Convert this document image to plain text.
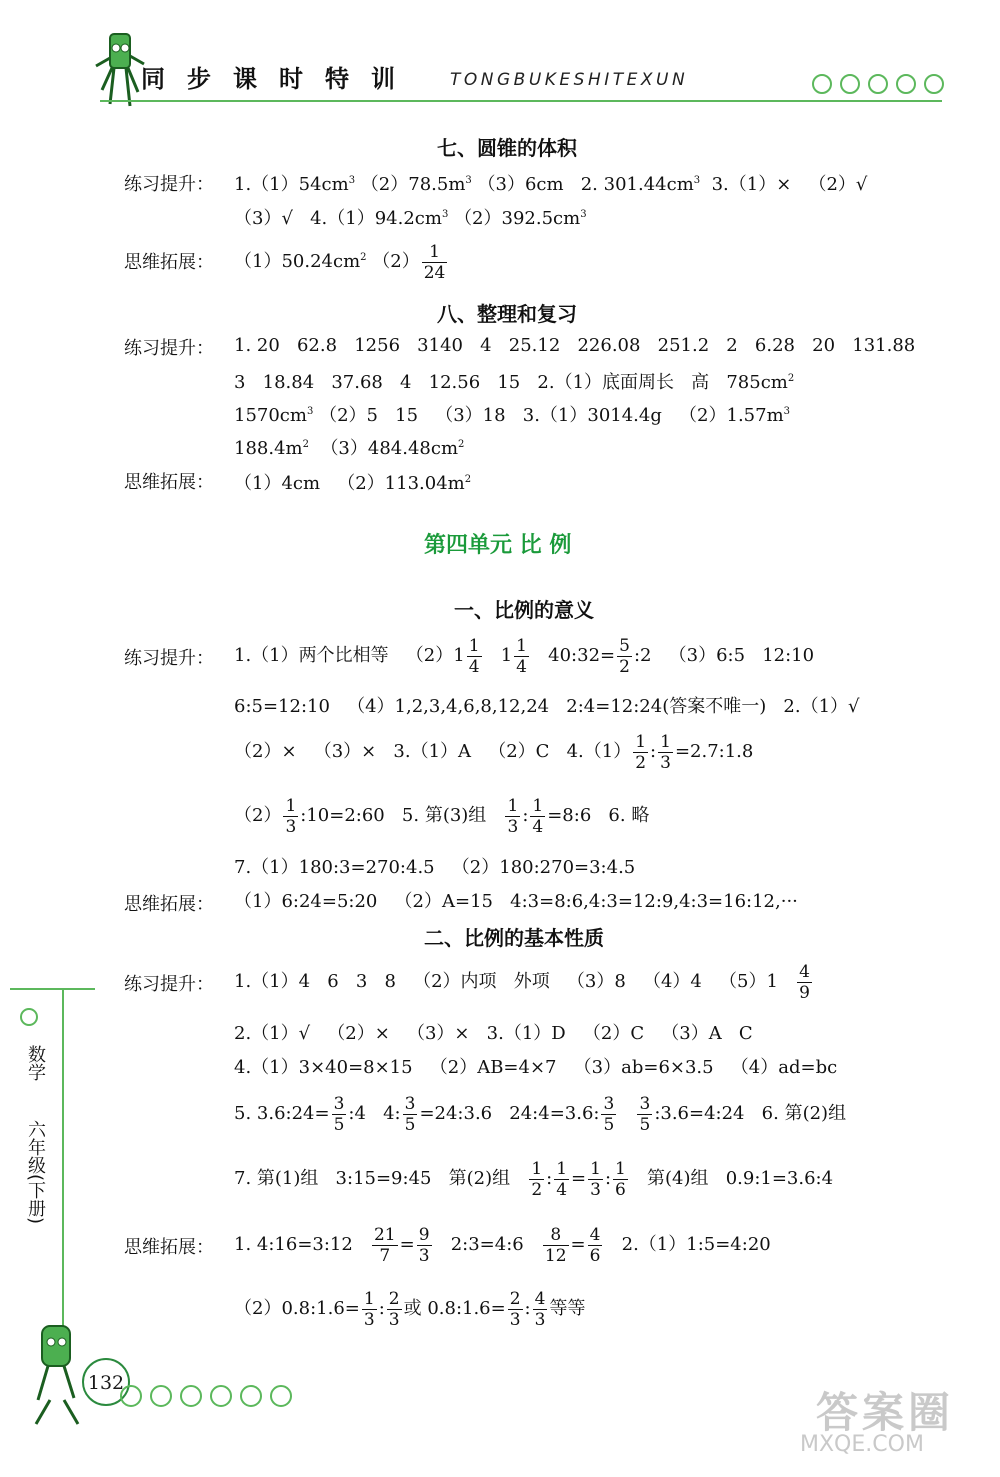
同 步 课 时 特 训	TONGBUKESHITEXUN
七、圆锥的体积
练习提升： $1.(1)54cm^3$ $(2)78.5m^3$ （3）6cm   2. $301.44cm^3$ 3.（1）×   （2）√
（3）√   $4.(1)94.2cm^3$ $(2)392.5cm^3$
思维拓展： $(1)50.24cm^2$ $(2) \frac{1}{24}$
八、整理和复习
练习提升： 1. 20   62.8   1256   3140   4   25.12   226.08   251.2   2   6.28   20   131.88
3   18.84   37.68   4   12.56   15   2.（1）底面周长   高   $785cm^2$
$1570cm^3$ （2）5   15   （3）18   3.（1）3014.4g   $(2)1.57m^3$
$188.4m^2$ $(3)484.48cm^2$
思维拓展： （1）4cm   $(2)113.04m^2$
第四单元 比 例
一、比例的意义
练习提升： 1.（1）两个比相等   $(2)1 \frac{1}{4} 1 \frac{1}{4}$ 40:32= $\frac{5}{2}$ :2   （3）6:5   12:10
6:5=12:10   （4）1,2,3,4,6,8,12,24   2:4=12:24(答案不唯一)   2.（1）√
（2）×   （3）×   3.（1）A   （2）C   $4.(1) \frac{1}{2}$ : $\frac{1}{3}$ =2.7:1.8
$(2) \frac{1}{3}$ :10=2:60   5. 第(3)组 $\frac{1}{3}$ : $\frac{1}{4}$ =8:6   6. 略
7.（1）180:3=270:4.5   （2）180:270=3:4.5
思维拓展： （1）6:24=5:20   （2）A=15   4:3=8:6,4:3=12:9,4:3=16:12,···
二、比例的基本性质
练习提升： 1.（1）4   6   3   8   （2）内项   外项   （3）8   （4）4   $(5)1 \frac{4}{9}$
2.（1）√   （2）×   （3）×   3.（1）D   （2）C   （3）A   C
4.（1）3×40=8×15   （2）AB=4×7   （3）ab=6×3.5   （4）ad=bc
5. 3.6:24= $\frac{3}{5}$ :4   4: $\frac{3}{5}$ =24:3.6   24:4=3.6: $\frac{3}{5}$
$\frac{3}{5}$ :3.6=4:24   6. 第(2)组
7. 第(1)组   3:15=9:45   第(2)组 $\frac{1}{2}$ : $\frac{1}{4} = \frac{1}{3}$ : $\frac{1}{6}$ 第(4)组   0.9:1=3.6:4
思维拓展： 1. 4:16=3:12 $\frac{21}{7} = \frac{9}{3}$ 2:3=4:6 $\frac{8}{12} = \frac{4}{6}$ 2.（1）1:5=4:20
（2）0.8:1.6= $\frac{1}{3}$ : $\frac{2}{3}$ 或 0.8:1.6= $\frac{2}{3}$ : $\frac{4}{3}$ 等等
数学
六年级(下册)
132
答案圈
MXQE.COM
